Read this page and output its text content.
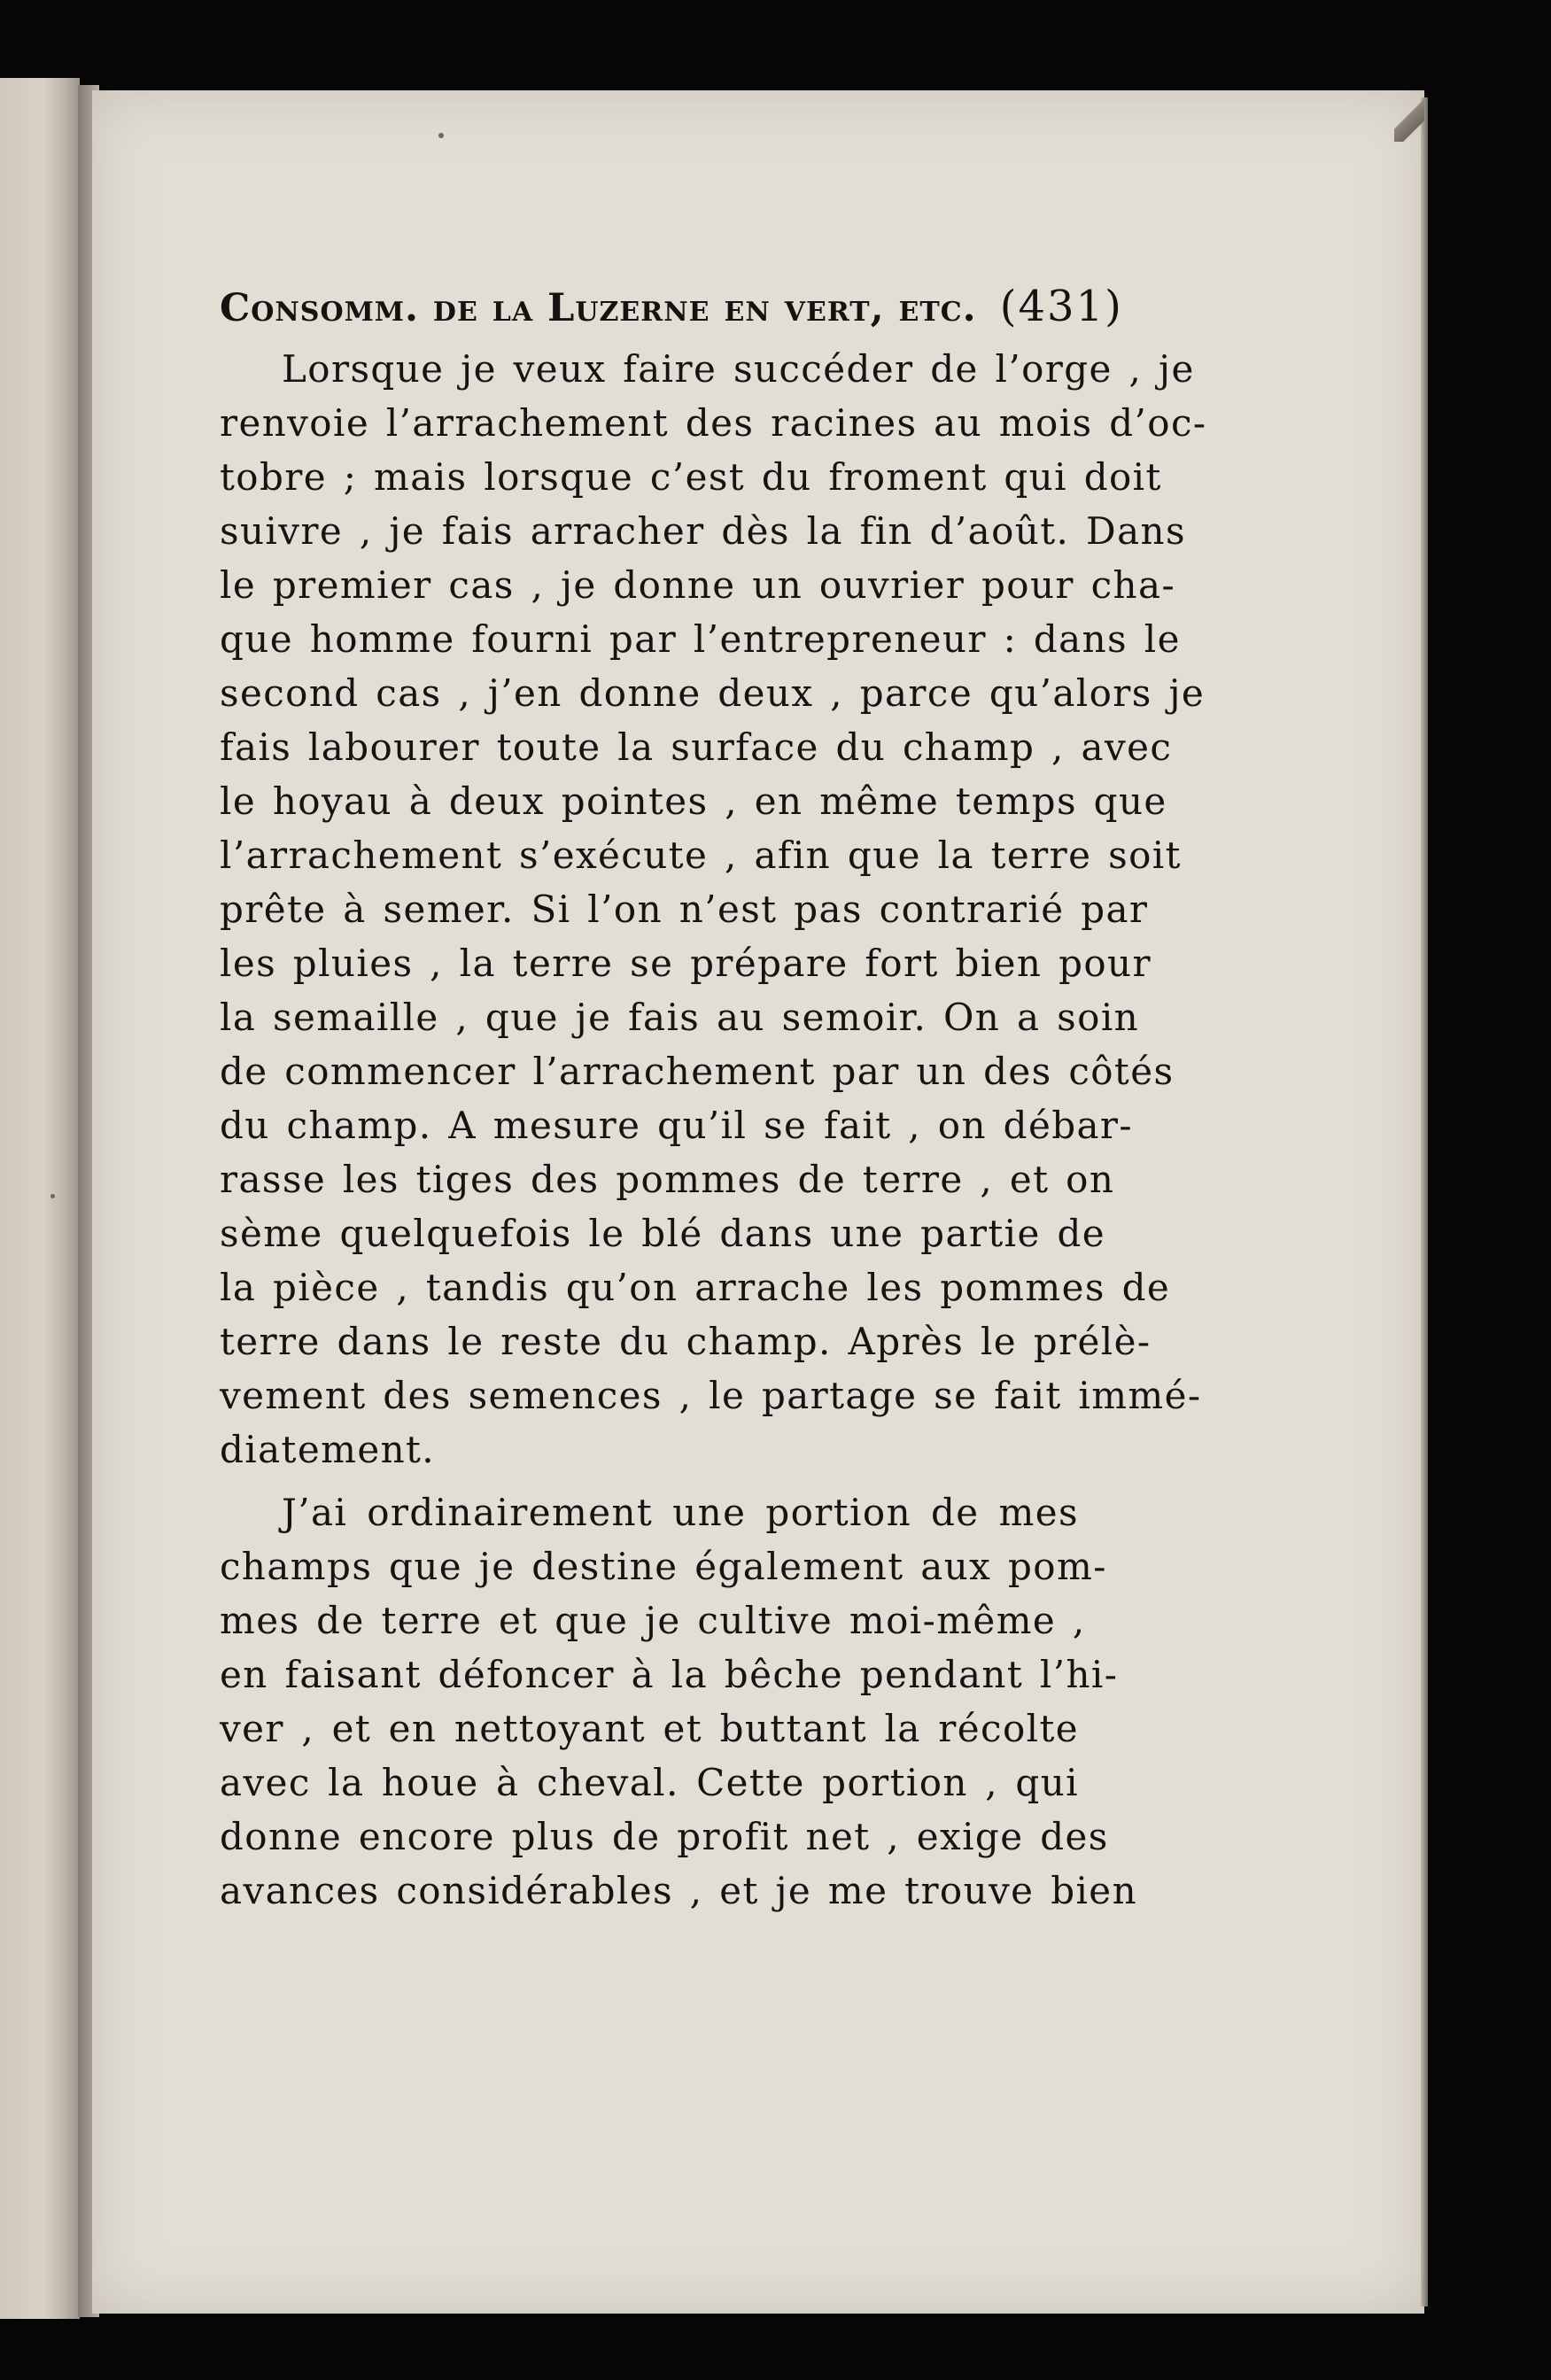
Consomm. de la Luzerne en vert, etc. (431)
Lorsque je veux faire succéder de l’orge , je
renvoie l’arrachement des racines au mois d’oc-
tobre ; mais lorsque c’est du froment qui doit
suivre , je fais arracher dès la fin d’août. Dans
le premier cas , je donne un ouvrier pour cha-
que homme fourni par l’entrepreneur : dans le
second cas , j’en donne deux , parce qu’alors je
fais labourer toute la surface du champ , avec
le hoyau à deux pointes , en même temps que
l’arrachement s’exécute , afin que la terre soit
prête à semer. Si l’on n’est pas contrarié par
les pluies , la terre se prépare fort bien pour
la semaille , que je fais au semoir. On a soin
de commencer l’arrachement par un des côtés
du champ. A mesure qu’il se fait , on débar-
rasse les tiges des pommes de terre , et on
sème quelquefois le blé dans une partie de
la pièce , tandis qu’on arrache les pommes de
terre dans le reste du champ. Après le prélè-
vement des semences , le partage se fait immé-
diatement.
J’ai ordinairement une portion de mes
champs que je destine également aux pom-
mes de terre et que je cultive moi-même ,
en faisant défoncer à la bêche pendant l’hi-
ver , et en nettoyant et buttant la récolte
avec la houe à cheval. Cette portion , qui
donne encore plus de profit net , exige des
avances considérables , et je me trouve bien
